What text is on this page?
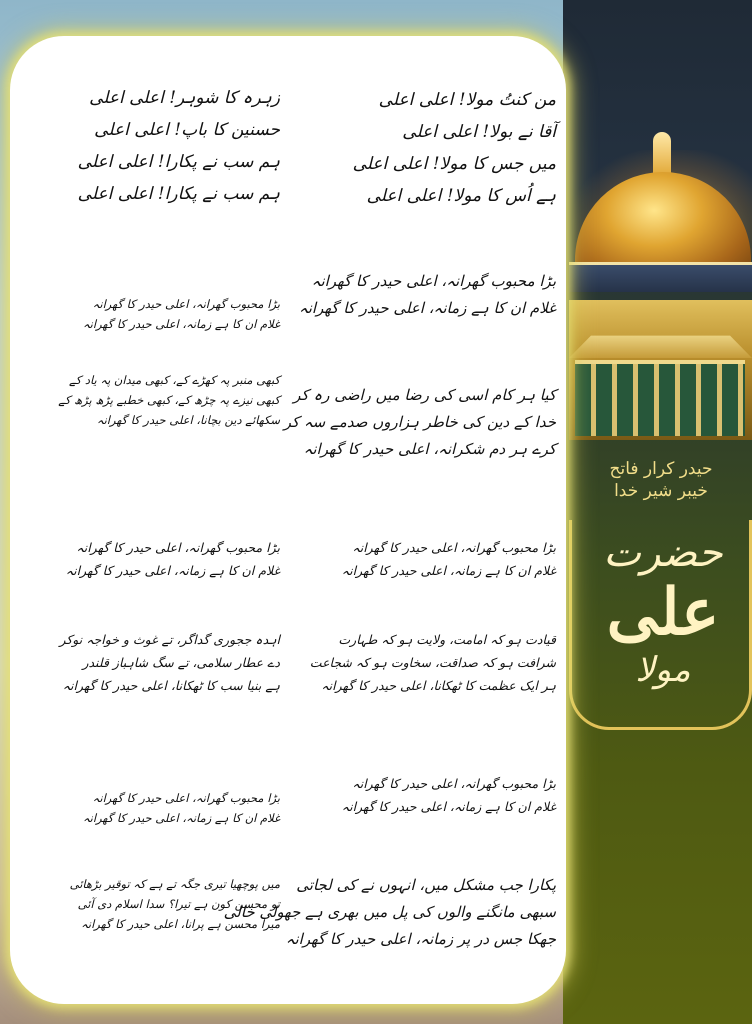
حیدر کرار فاتح
خیبر شیر خدا
حضرت
علی
مولا
من کنتُ مولا! اعلی اعلی
آقا نے بولا! اعلی اعلی
میں جس کا مولا! اعلی اعلی
ہے اُس کا مولا! اعلی اعلی
بڑا محبوب گھرانہ، اعلی حیدر کا گھرانہ
غلام ان کا ہے زمانہ، اعلی حیدر کا گھرانہ
کیا ہر کام اسی کی رضا میں راضی رہ کر
خدا کے دین کی خاطر ہزاروں صدمے سہ کر
کرے ہر دم شکرانہ، اعلی حیدر کا گھرانہ
بڑا محبوب گھرانہ، اعلی حیدر کا گھرانہ
غلام ان کا ہے زمانہ، اعلی حیدر کا گھرانہ
قیادت ہو کہ امامت، ولایت ہو کہ طہارت
شرافت ہو کہ صداقت، سخاوت ہو کہ شجاعت
ہر ایک عظمت کا ٹھکانا، اعلی حیدر کا گھرانہ
بڑا محبوب گھرانہ، اعلی حیدر کا گھرانہ
غلام ان کا ہے زمانہ، اعلی حیدر کا گھرانہ
پکارا جب مشکل میں، انہوں نے کی لجاتی
سبھی مانگنے والوں کی پل میں بھری ہے جھولی خالی
جھکا جس در پر زمانہ، اعلی حیدر کا گھرانہ
زہرہ کا شوہر! اعلی اعلی
حسنین کا باپ! اعلی اعلی
ہم سب نے پکارا! اعلی اعلی
ہم سب نے پکارا! اعلی اعلی
بڑا محبوب گھرانہ، اعلی حیدر کا گھرانہ
غلام ان کا ہے زمانہ، اعلی حیدر کا گھرانہ
کبھی منبر پہ کھڑے کے، کبھی میدان پہ یاد کے
کبھی نیزے پہ چڑھ کے، کبھی خطبے پڑھ پڑھ کے
سکھائے دین بچانا، اعلی حیدر کا گھرانہ
بڑا محبوب گھرانہ، اعلی حیدر کا گھرانہ
غلام ان کا ہے زمانہ، اعلی حیدر کا گھرانہ
اہدہ ججوری گداگر، تے غوث و خواجہ نوکر
دے عطار سلامی، تے سگ شاہباز قلندر
ہے بنیا سب کا ٹھکانا، اعلی حیدر کا گھرانہ
بڑا محبوب گھرانہ، اعلی حیدر کا گھرانہ
غلام ان کا ہے زمانہ، اعلی حیدر کا گھرانہ
میں پوچھیا تیری جگہ تے ہے کہ توقیر بڑھائی
تو محسن کون ہے تیرا؟ سدا اسلام دی آئی
میرا محسن ہے پرانا، اعلی حیدر کا گھرانہ
